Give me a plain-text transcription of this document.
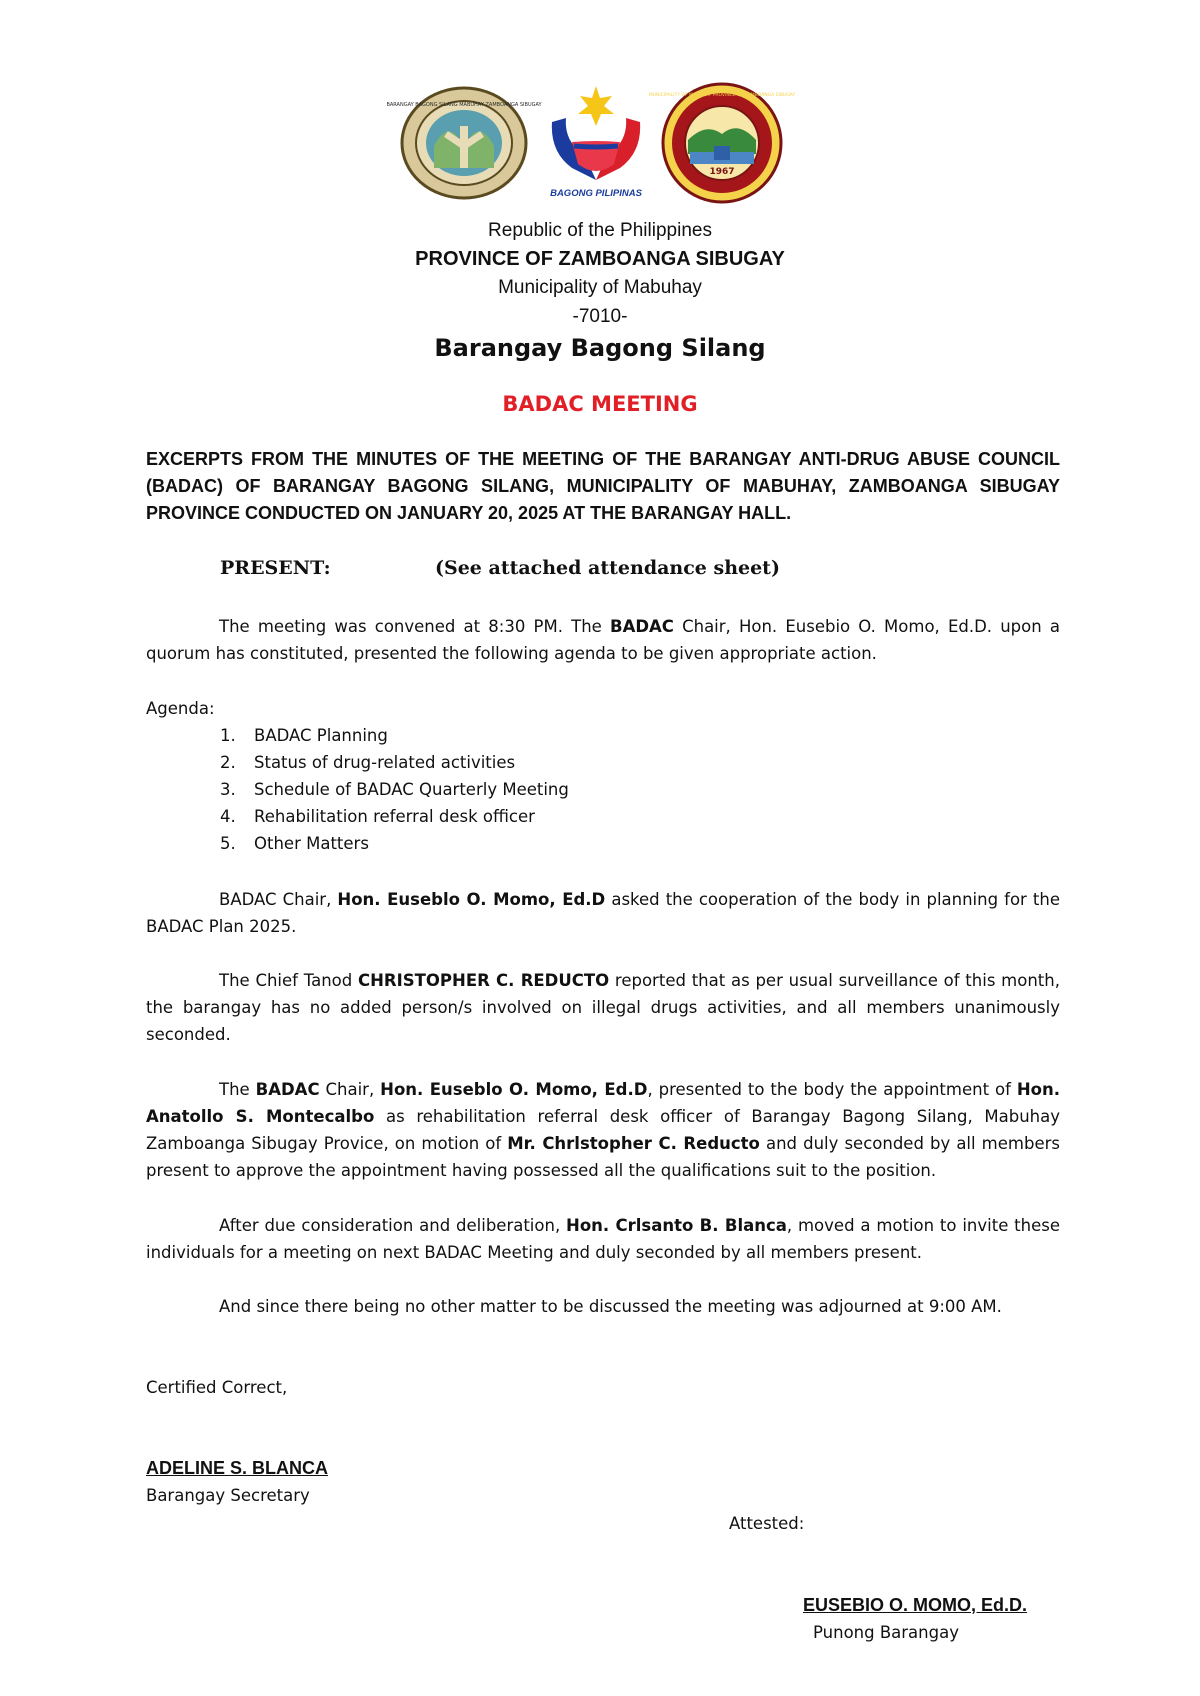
BARANGAY BAGONG SILANG MABUHAY ZAMBOANGA SIBUGAY
BAGONG PILIPINAS
MUNICIPALITY OF MABUHAY PROVINCE OF ZAMBOANGA SIBUGAY
1967
Republic of the Philippines
PROVINCE OF ZAMBOANGA SIBUGAY
Municipality of Mabuhay
-7010-
Barangay Bagong Silang
BADAC MEETING
EXCERPTS FROM THE MINUTES OF THE MEETING OF THE BARANGAY ANTI-DRUG ABUSE COUNCIL (BADAC) OF BARANGAY BAGONG SILANG, MUNICIPALITY OF MABUHAY, ZAMBOANGA SIBUGAY PROVINCE CONDUCTED ON JANUARY 20, 2025 AT THE BARANGAY HALL.
PRESENT:	(See attached attendance sheet)
The meeting was convened at 8:30 PM. The BADAC Chair, Hon. Eusebio O. Momo, Ed.D. upon a quorum has constituted, presented the following agenda to be given appropriate action.
Agenda:
1. BADAC Planning
2. Status of drug-related activities
3. Schedule of BADAC Quarterly Meeting
4. Rehabilitation referral desk officer
5. Other Matters
BADAC Chair, Hon. Euseblo O. Momo, Ed.D asked the cooperation of the body in planning for the BADAC Plan 2025.
The Chief Tanod CHRISTOPHER C. REDUCTO reported that as per usual surveillance of this month, the barangay has no added person/s involved on illegal drugs activities, and all members unanimously seconded.
The BADAC Chair, Hon. Euseblo O. Momo, Ed.D, presented to the body the appointment of Hon. Anatollo S. Montecalbo as rehabilitation referral desk officer of Barangay Bagong Silang, Mabuhay Zamboanga Sibugay Provice, on motion of Mr. Chrlstopher C. Reducto and duly seconded by all members present to approve the appointment having possessed all the qualifications suit to the position.
After due consideration and deliberation, Hon. Crlsanto B. Blanca, moved a motion to invite these individuals for a meeting on next BADAC Meeting and duly seconded by all members present.
And since there being no other matter to be discussed the meeting was adjourned at 9:00 AM.
Certified Correct,
ADELINE S. BLANCA
Barangay Secretary
Attested:
EUSEBIO O. MOMO, Ed.D.
Punong Barangay
